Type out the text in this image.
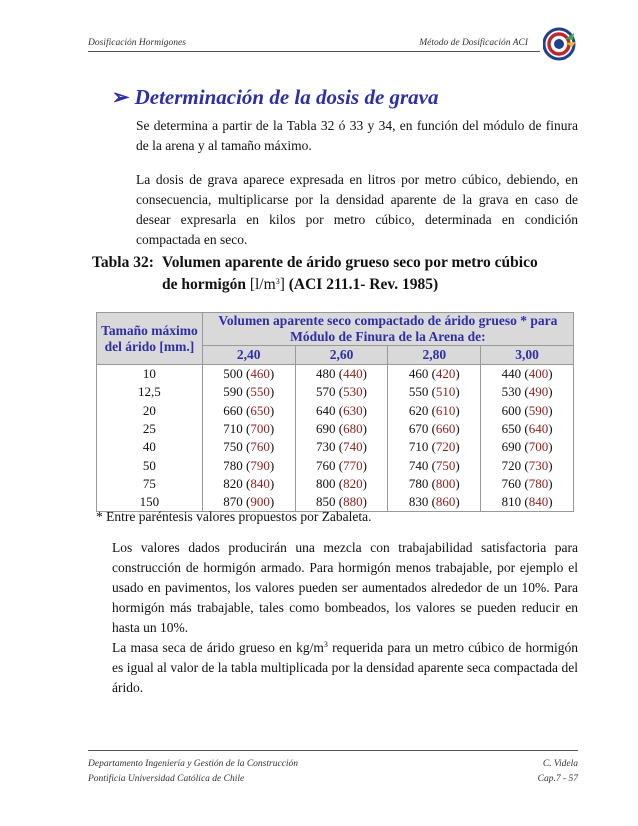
Dosificación Hormigones	Método de Dosificación ACI
➢ Determinación de la dosis de grava
Se determina a partir de la Tabla 32 ó 33 y 34, en función del módulo de finura de la arena y al tamaño máximo.
La dosis de grava aparece expresada en litros por metro cúbico, debiendo, en consecuencia, multiplicarse por la densidad aparente de la grava en caso de desear expresarla en kilos por metro cúbico, determinada en condición compactada en seco.
Tabla 32: Volumen aparente de árido grueso seco por metro cúbico
de hormigón $[l/m^3]$ (ACI 211.1- Rev. 1985)
Tamaño máximo del árido [mm.]	Volumen aparente seco compactado de árido grueso * para Módulo de Finura de la Arena de:			
	2,40	2,60	2,80	3,00
10	500 (460)	480 (440)	460 (420)	440 (400)
12,5	590 (550)	570 (530)	550 (510)	530 (490)
20	660 (650)	640 (630)	620 (610)	600 (590)
25	710 (700)	690 (680)	670 (660)	650 (640)
40	750 (760)	730 (740)	710 (720)	690 (700)
50	780 (790)	760 (770)	740 (750)	720 (730)
75	820 (840)	800 (820)	780 (800)	760 (780)
150	870 (900)	850 (880)	830 (860)	810 (840)
* Entre paréntesis valores propuestos por Zabaleta.
Los valores dados producirán una mezcla con trabajabilidad satisfactoria para construcción de hormigón armado. Para hormigón menos trabajable, por ejemplo el usado en pavimentos, los valores pueden ser aumentados alrededor de un 10%. Para hormigón más trabajable, tales como bombeados, los valores se pueden reducir en hasta un 10%.
La masa seca de árido grueso en $kg/m^3$ requerida para un metro cúbico de hormigón es igual al valor de la tabla multiplicada por la densidad aparente seca compactada del árido.
Departamento Ingeniería y Gestión de la Construcción
Pontificia Universidad Católica de Chile
C. Videla
Cap.7 - 57
